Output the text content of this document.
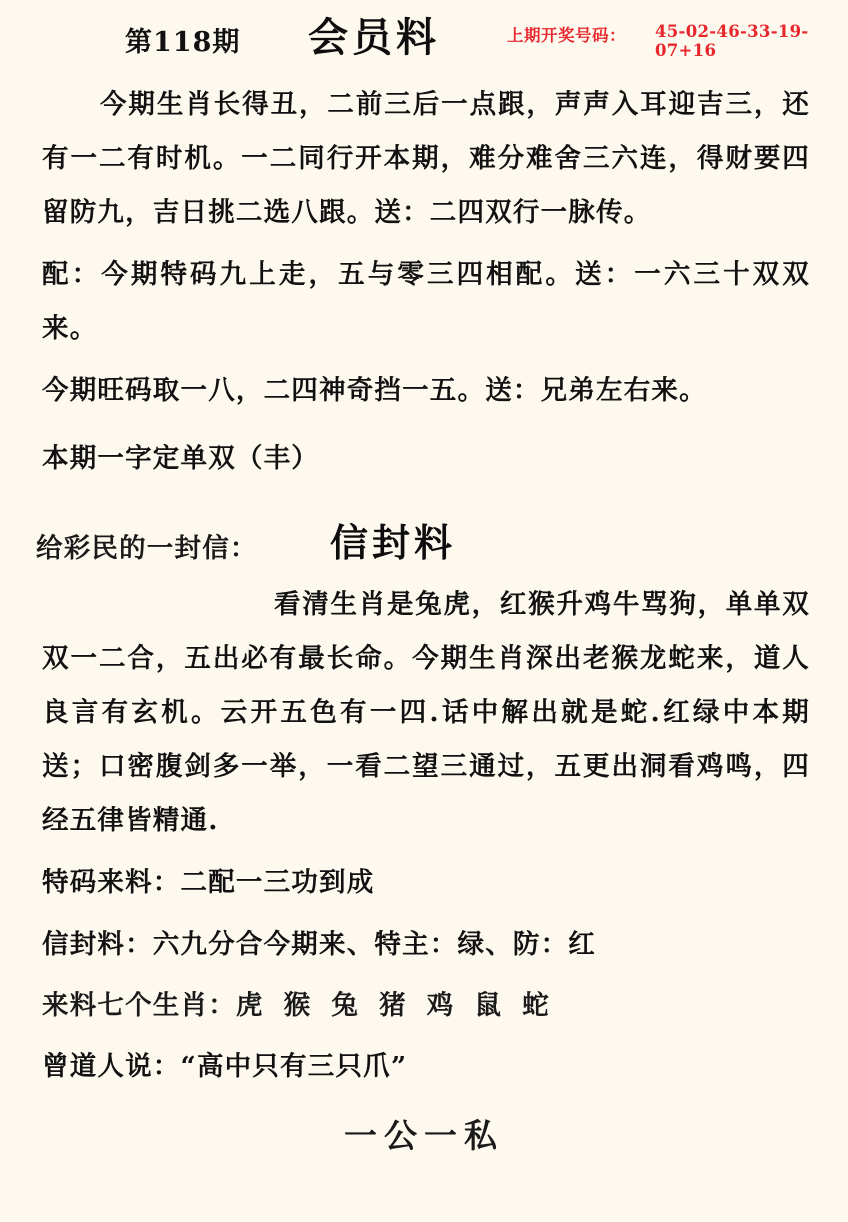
第118期 会员料	上期开奖号码： 45-02-46-33-19-07+16
今期生肖长得丑，二前三后一点跟，声声入耳迎吉三，还有一二有时机。一二同行开本期，难分难舍三六连，得财要四留防九，吉日挑二选八跟。送：二四双行一脉传。
配：今期特码九上走，五与零三四相配。送：一六三十双双来。
今期旺码取一八，二四神奇挡一五。送：兄弟左右来。
本期一字定单双（丰）
给彩民的一封信： 信封料
看清生肖是兔虎，红猴升鸡牛骂狗，单单双双一二合，五出必有最长命。今期生肖深出老猴龙蛇来，道人良言有玄机。云开五色有一四.话中解出就是蛇.红绿中本期送；口密腹剑多一举，一看二望三通过，五更出洞看鸡鸣，四经五律皆精通.
特码来料：二配一三功到成
信封料：六九分合今期来、特主：绿、防：红
来料七个生肖：虎 猴 兔 猪 鸡 鼠 蛇
曾道人说：“高中只有三只爪”
一公一私
